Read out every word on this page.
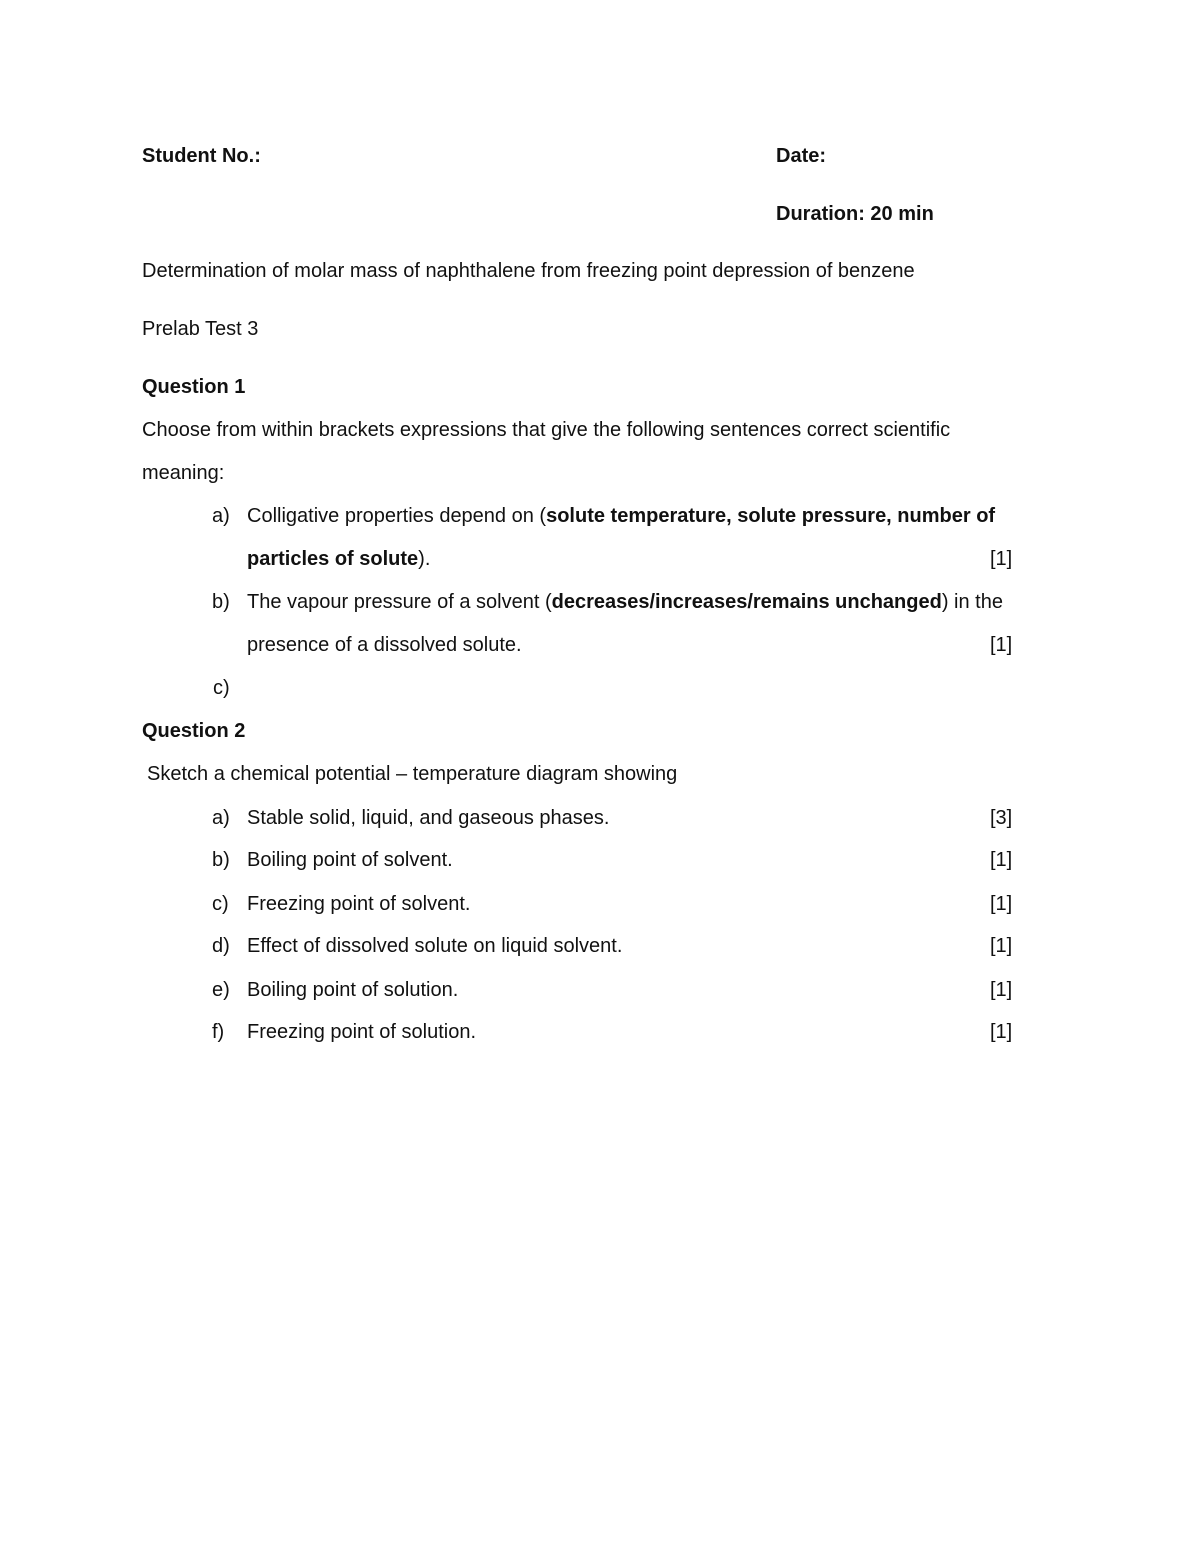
Student No.:	Date:
Duration: 20 min
Determination of molar mass of naphthalene from freezing point depression of benzene
Prelab Test 3
Question 1
Choose from within brackets expressions that give the following sentences correct scientific
meaning:
a) Colligative properties depend on (solute temperature, solute pressure, number of
particles of solute).	[1]
b) The vapour pressure of a solvent (decreases/increases/remains unchanged) in the
presence of a dissolved solute.	[1]
c)
Question 2
Sketch a chemical potential – temperature diagram showing
a) Stable solid, liquid, and gaseous phases.	[3]
b) Boiling point of solvent.	[1]
c) Freezing point of solvent.	[1]
d) Effect of dissolved solute on liquid solvent.	[1]
e) Boiling point of solution.	[1]
f) Freezing point of solution.	[1]
